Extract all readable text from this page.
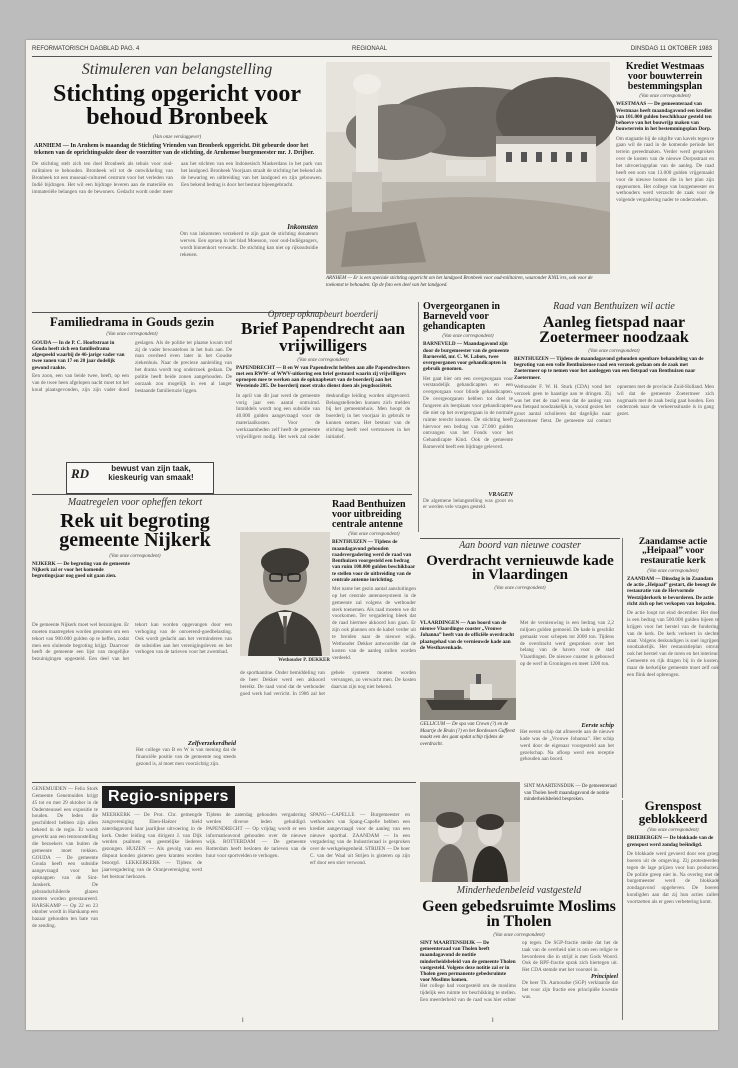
REFORMATORISCH DAGBLAD PAG. 4	REGIONAAL	DINSDAG 11 OKTOBER 1983
Stimuleren van belangstelling
Stichting opgericht voor behoud Bronbeek
(Van onze verslaggever)
ARNHEM — In Arnhem is maandag de Stichting Vrienden van Bronbeek opgericht. Dit gebeurde door het tekenen van de oprichtingsakte door de voorzitter van de stichting, de Arnhemse burgemeester mr. J. Drijber.
De stichting stelt zich ten doel Bronbeek als tehuis voor oud-militairen te behouden. Bronbeek wil tot de ontwikkeling van Bronbeek tot een museaal-cultureel centrum voor het verleden van Indië bijdragen. Het wil een bijdrage leveren aan de materiële en immateriële belangen van de bewoners. Gedacht wordt onder meer aan het stichten van een Indonesisch Maskerdans in het park van het landgoed. Bronbeek Voorjaars straalt de stichting het bekend als de bewaring en uitbreiding van het landgoed en zijn gebouwen. Een bekend bedrag is door het bestuur bijeengebracht.
Inkomsten
Om van inkomsten verzekerd te zijn gaat de stichting donateurs werven. Een oproep in het blad Moesson, voor oud-Indiëgangers, wordt binnenkort verwacht. De stichting kan niet op rijkssubsidie rekenen.
ARNHEM — Er is een speciale stichting opgericht om het landgoed Bronbeek voor oud-militairen, waaronder KNIL'ers, ook voor de toekomst te behouden. Op de foto een deel van het landgoed.
Krediet Westmaas voor bouwterrein bestemmingsplan
(Van onze correspondent)
WESTMAAS — De gemeenteraad van Westmaas heeft maandagavond een krediet van 101.000 gulden beschikbaar gesteld ten behoeve van het bouwrijp maken van bouwterrein in het bestemmingsplan Dorp.
Om stagnatie bij de uitgifte van kavels tegen te gaan wil de raad in de komende periode het terrein gereedmaken. Verder werd gesproken over de kosten van de nieuwe Dorpsstraat en het uitvoeringsplan van de aanleg. De raad heeft een som van 13.000 gulden vrijgemaakt voor de nieuwe bomen die in het plan zijn opgenomen. Het college van burgemeester en wethouders werd verzocht de zaak voor de volgende vergadering nader te onderzoeken.
Familiedrama in Gouds gezin
(Van onze correspondent)
GOUDA — In de P. C. Hooftstraat in Gouda heeft zich een familiedrama afgespeeld waarbij de 46-jarige vader van twee zonen van 17 en 20 jaar dodelijk gewond raakte.
Een zoon, een van beide twee, heeft, op een van de twee heen afgelopen nacht moet tot het koud plaatsgevonden, zijn zijn vader dood geslagen. Als de politie ter plaatse kwam trof zij de vader bewusteloos in het huis aan. De man overleed even later in het Goudse ziekenhuis. Naar de precieze aanleiding van het drama wordt nog onderzoek gedaan. De politie heeft beide zonen aangehouden. De oorzaak zou mogelijk in een al langer bestaande familieruzie liggen.
RD	bewust van zijn taak,
kieskeurig van smaak!
Oproep opknapbeurt boerderij
Brief Papendrecht aan vrijwilligers
(Van onze correspondent)
PAPENDRECHT — B en W van Papendrecht hebben aan alle Papendrechters met een RWW- of WWV-uitkering een brief gestuurd waarin zij vrijwilligers oproepen mee te werken aan de opknapbeurt van de boerderij aan het Westeinde 285. De boerderij moet straks dienst doen als jeugdsociëteit.
In april van dit jaar werd de gemeente vorig jaar een aantal ontruimd. Inmiddels wordt nog een subsidie van 40.000 gulden aangevraagd voor de materiaalkosten. Voor de werkzaamheden zelf heeft de gemeente vrijwilligers nodig. Het werk zal onder deskundige leiding worden uitgevoerd. Belangstellenden kunnen zich melden bij het gemeentehuis. Men hoopt de boerderij in het voorjaar in gebruik te kunnen nemen. Het bestuur van de stichting heeft veel vertrouwen in het initiatief.
Overgeorganen in Barneveld voor gehandicapten
(Van onze correspondent)
BARNEVELD — Maandagavond zijn door de burgemeester van de gemeente Barneveld, mr. C. W. Labots, twee overgeorganen voor gehandicapten in gebruik genomen.
Het gaat hier om een overgeorgaan voor verstandelijk gehandicapten en een overgeorgaan voor blinde gehandicapten. De overgeorganen hebben tot doel te fungeren als leerplaats voor gehandicapten die niet op het overgeorgaan in de normale ruimte terecht kunnen. De stichting heeft hiervoor een bedrag van 27.000 gulden ontvangen van het Fonds voor het Gehandicapte Kind. Ook de gemeente Barneveld heeft een bijdrage geleverd.
VRAGEN
De algemene belangstelling was groot en er werden vele vragen gesteld.
Raad van Benthuizen wil actie
Aanleg fietspad naar Zoetermeer noodzaak
(Van onze correspondent)
BENTHUIZEN — Tijdens de maandagavond gehouden openbare behandeling van de begroting van een volle Benthuizense raad een verzoek gedaan om de zaak met Zoetermeer op te nemen voor het aanleggen van een fietspad van Benthuizen naar Zoetermeer.
Wethouder F. W. H. Sturk (CDA) vond het verzoek geen te haastige aan te dringen. Zij was het met de raad eens dat de aanleg van een fietspad noodzakelijk is, vooral gezien het groot aantal scholieren dat dagelijks naar Zoetermeer fietst. De gemeente zal contact opnemen met de provincie Zuid-Holland. Men wil dat de gemeente Zoetermeer zich nogmaals met de zaak bezig gaat houden. Een onderzoek naar de verkeerssituatie is in gang gezet.
Maatregelen voor opheffen tekort
Rek uit begroting gemeente Nijkerk
(Van onze correspondent)
NIJKERK — De begroting van de gemeente Nijkerk zal er voor het komende begrotingsjaar nog goed uit gaan zien.
De gemeente Nijkerk moet wel bezuinigen. Er moeten maatregelen worden genomen om een tekort van 900.000 gulden op te heffen, zodat men een sluitende begroting krijgt. Daarvoor heeft de gemeente een lijst van mogelijke bezuinigingen opgesteld. Een deel van het tekort kan worden opgevangen door een verhoging van de onroerend-goedbelasting. Ook wordt gedacht aan het verminderen van de subsidies aan het verenigingsleven en het verhogen van de tarieven voor het zwembad.
Zelfverzekerdheid
Het college van B en W is van mening dat de financiële positie van de gemeente nog steeds gezond is, al moet men voorzichtig zijn.
Wethouder P. DEKKER
Raad Benthuizen voor uitbreiding centrale antenne
(Van onze correspondent)
BENTHUIZEN — Tijdens de maandagavond gehouden raadsvergadering werd de raad van Benthuizen voorgesteld een bedrag van ruim 100.000 gulden beschikbaar te stellen voor de uitbreiding van de centrale antenne inrichting.
Met name het gezin aantal aansluitingen op het centrale antennesysteem in de gemeente zal volgens de wethouder sterk toenemen. Als raad moeten we dit voorkomen. Ter vergadering bleek dat de raad hiermee akkoord kon gaan. Er zijn ook plannen om de kabel verder uit te breiden naar de nieuwe wijk. Wethouder Dekker antwoordde dat de kosten van de aanleg zullen worden verdeeld.
de sportkantine. Onder bemiddeling van de heer Dekker werd een akkoord bereikt. De raad vond dat de wethouder goed werk had verricht. In 1986 zal het gehele systeem moeten worden vervangen, zo verwacht men. De kosten daarvan zijn nog niet bekend.
GENEMUIDEN — Felix Stork Gemeente Genemuiden krijgt 45 tot en met 29 oktober in de Ondersteunsel een expositie te houden. De leden die geschilderd hebben zijn allen bekend in de regio. Er wordt gewerkt aan een tentoonstelling die bezoekers van buiten de gemeente moet trekken. GOUDA — De gemeente Gouda heeft een subsidie aangevraagd voor het opknappen van de Sint-Janskerk. De gebrandschilderde glazen moeten worden gerestaureerd. HARSKAMP — Op 22 en 23 oktober wordt in Harskamp een bazaar gehouden ten bate van de zending.
Regio-snippers
MEERKERK — De Prot. Chr. gemengde zangvereniging Eben-Haëzer hield zaterdagavond haar jaarlijkse uitvoering in de kerk. Onder leiding van dirigent J. van Dijk werden psalmen en geestelijke liederen gezongen. HUIZEN — Als gevolg van een dispuut konden gisteren geen kranten worden bezorgd. LEKKERKERK — Tijdens de jaarvergadering van de Oranjevereniging werd het bestuur herkozen.
Tijdens de zaterdag gehouden vergadering werden diverse leden gehuldigd. PAPENDRECHT — Op vrijdag wordt er een informatieavond gehouden over de nieuwe wijk. ROTTERDAM — De gemeente Rotterdam heeft besloten de tarieven van de huur voor sportvelden te verhogen.
SPANG—CAPELLE — Burgemeester en wethouders van Spang-Capelle hebben een krediet aangevraagd voor de aanleg van een nieuwe sporthal. ZAANDAM — In een vergadering van de Industrieraad is gesproken over de werkgelegenheid. STRIJEN — De boer C. van der Waal uit Strijen is gisteren op zijn erf door een stier verwond.
Aan boord van nieuwe coaster
Overdracht vernieuwde kade in Vlaardingen
(Van onze correspondent)
VLAARDINGEN — Aan boord van de nieuwe Vlaardingse coaster „Vrouwe Johanna” heeft van de officiële overdracht plaatsgehad van de vernieuwde kade aan de Westhavenkade.
GELLICUM — De spa van Crown (?) en de Maartje de Bruin (?) en het Bordessen Guffeest maakt een des gaat opdat schip tijdens de overdracht.
Met de vernieuwing is een bedrag van 2,2 miljoen gulden gemoeid. De kade is geschikt gemaakt voor schepen tot 2000 ton. Tijdens de overdracht werd gesproken over het belang van de haven voor de stad Vlaardingen. De nieuwe coaster is gebouwd op de werf in Groningen en meet 1200 ton.
Eerste schip
Het eerste schip dat afmeerde aan de nieuwe kade was de „Vrouwe Johanna”. Het schip werd door de eigenaar voorgesteld aan het gezelschap. Na afloop werd een receptie gehouden aan boord.
Zaandamse actie „Heipaal” voor restauratie kerk
(Van onze correspondent)
ZAANDAM — Dinsdag is in Zaandam de actie „Heipaal” gestart, die beoogt de restauratie van de Hervormde Westzijderkerk te bevorderen. De actie richt zich op het verkopen van heipalen.
De actie loopt tot eind december. Het doel is een bedrag van 500.000 gulden bijeen te krijgen voor het herstel van de fundering van de kerk. De kerk verkeert in slechte staat. Volgens deskundigen is snel ingrijpen noodzakelijk. Het restauratieplan omvat ook het herstel van de toren en het interieur. Gemeente en rijk dragen bij in de kosten, maar de kerkelijke gemeente moet zelf ook een flink deel opbrengen.
Grenspost geblokkeerd
(Van onze correspondent)
DRIEBERGEN — De blokkade van de grenspost werd zondag beëindigd.
De blokkade werd gevoerd door een groep boeren uit de omgeving. Zij protesteerden tegen de lage prijzen voor hun producten. De politie greep niet in. Na overleg met de burgemeester werd de blokkade zondagavond opgeheven. De boeren kondigden aan dat zij hun acties zullen voortzetten als er geen verbetering komt.
SINT MAARTENSDIJK — De gemeenteraad van Tholen heeft maandagavond de notitie minderheidsbeleid besproken.
Minderhedenbeleid vastgesteld
Geen gebedsruimte Moslims in Tholen
(Van onze correspondent)
SINT MAARTENSDIJK — De gemeenteraad van Tholen heeft maandagavond de notitie minderheidsbeleid van de gemeente Tholen vastgesteld. Volgens deze notitie zal er in Tholen geen permanente gebedsruimte voor Moslims komen.
Het college had voorgesteld om de moslims tijdelijk een ruimte ter beschikking te stellen. Een meerderheid van de raad was hier echter op tegen. De SGP-fractie stelde dat het de taak van de overheid niet is om een religie te bevorderen die in strijd is met Gods Woord. Ook de RPF-fractie sprak zich hiertegen uit. Het CDA stemde met het voorstel in.
Principieel
De heer Th. Aarnoudse (SGP) verklaarde dat het voor zijn fractie een principiële kwestie was.
I	I
